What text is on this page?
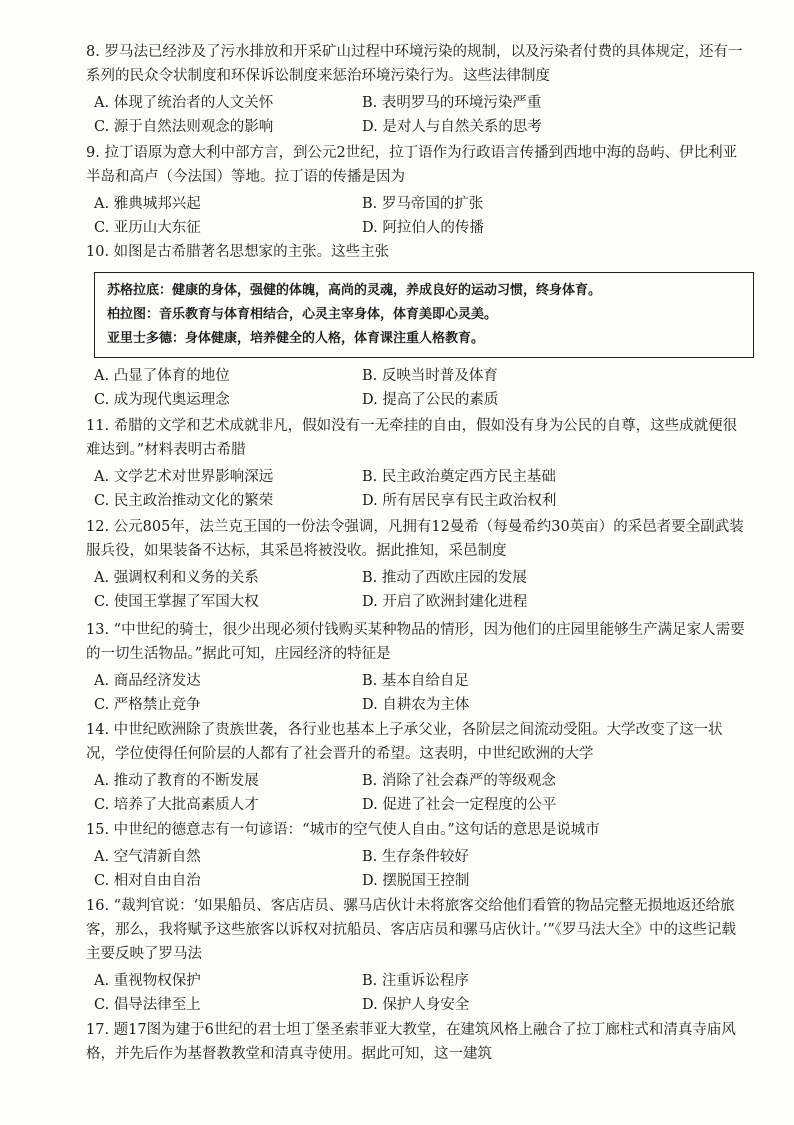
8. 罗马法已经涉及了污水排放和开采矿山过程中环境污染的规制，以及污染者付费的具体规定，还有一系列的民众令状制度和环保诉讼制度来惩治环境污染行为。这些法律制度

A. 体现了统治者的人文关怀	B. 表明罗马的环境污染严重
C. 源于自然法则观念的影响	D. 是对人与自然关系的思考

9. 拉丁语原为意大利中部方言，到公元2世纪，拉丁语作为行政语言传播到西地中海的岛屿、伊比利亚半岛和高卢（今法国）等地。拉丁语的传播是因为

A. 雅典城邦兴起	B. 罗马帝国的扩张
C. 亚历山大东征	D. 阿拉伯人的传播

10. 如图是古希腊著名思想家的主张。这些主张

苏格拉底：健康的身体，强健的体魄，高尚的灵魂，养成良好的运动习惯，终身体育。
柏拉图：音乐教育与体育相结合，心灵主宰身体，体育美即心灵美。
亚里士多德：身体健康，培养健全的人格，体育课注重人格教育。
A. 凸显了体育的地位	B. 反映当时普及体育
C. 成为现代奥运理念	D. 提高了公民的素质

11. 希腊的文学和艺术成就非凡，假如没有一无牵挂的自由，假如没有身为公民的自尊，这些成就便很难达到。”材料表明古希腊

A. 文学艺术对世界影响深远	B. 民主政治奠定西方民主基础
C. 民主政治推动文化的繁荣	D. 所有居民享有民主政治权利

12. 公元805年，法兰克王国的一份法令强调，凡拥有12曼希（每曼希约30英亩）的采邑者要全副武装服兵役，如果装备不达标，其采邑将被没收。据此推知，采邑制度

A. 强调权利和义务的关系	B. 推动了西欧庄园的发展
C. 使国王掌握了军国大权	D. 开启了欧洲封建化进程

13. “中世纪的骑士，很少出现必须付钱购买某种物品的情形，因为他们的庄园里能够生产满足家人需要的一切生活物品。”据此可知，庄园经济的特征是

A. 商品经济发达	B. 基本自给自足
C. 严格禁止竞争	D. 自耕农为主体

14. 中世纪欧洲除了贵族世袭，各行业也基本上子承父业，各阶层之间流动受阻。大学改变了这一状况，学位使得任何阶层的人都有了社会晋升的希望。这表明，中世纪欧洲的大学

A. 推动了教育的不断发展	B. 消除了社会森严的等级观念
C. 培养了大批高素质人才	D. 促进了社会一定程度的公平

15. 中世纪的德意志有一句谚语：“城市的空气使人自由。”这句话的意思是说城市

A. 空气清新自然	B. 生存条件较好
C. 相对自由自治	D. 摆脱国王控制

16. “裁判官说：‘如果船员、客店店员、骡马店伙计未将旅客交给他们看管的物品完整无损地返还给旅客，那么，我将赋予这些旅客以诉权对抗船员、客店店员和骡马店伙计。’”《罗马法大全》中的这些记载主要反映了罗马法

A. 重视物权保护	B. 注重诉讼程序
C. 倡导法律至上	D. 保护人身安全

17. 题17图为建于6世纪的君士坦丁堡圣索菲亚大教堂，在建筑风格上融合了拉丁廊柱式和清真寺庙风格，并先后作为基督教教堂和清真寺使用。据此可知，这一建筑
